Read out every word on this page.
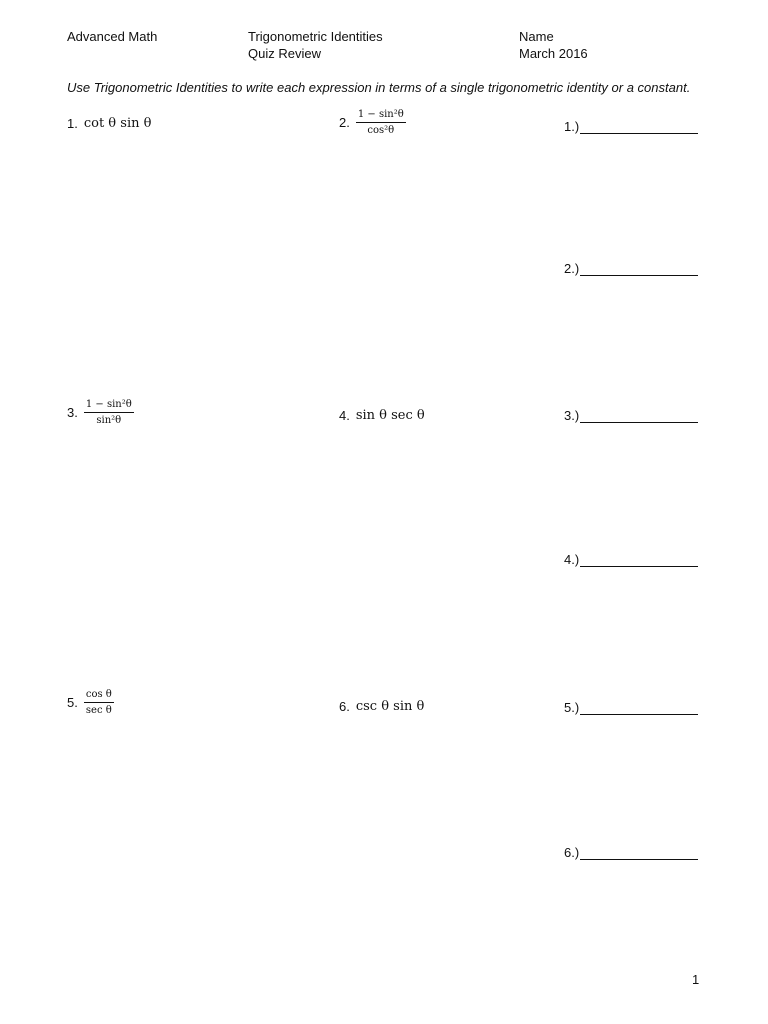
Advanced Math	Trigonometric Identities
Quiz Review
Name
March 2016
Use Trigonometric Identities to write each expression in terms of a single trigonometric identity or a constant.
1. cot θ sin θ	2. $\frac{\text{1 − sin²θ}}{\text{cos²θ}}$
3. $\frac{\text{1 − sin²θ}}{\text{sin²θ}}$	4. sin θ sec θ
5. $\frac{\text{cos θ}}{\text{sec θ}}$	6. csc θ sin θ
1.)
2.)
3.)
4.)
5.)
6.)
1
